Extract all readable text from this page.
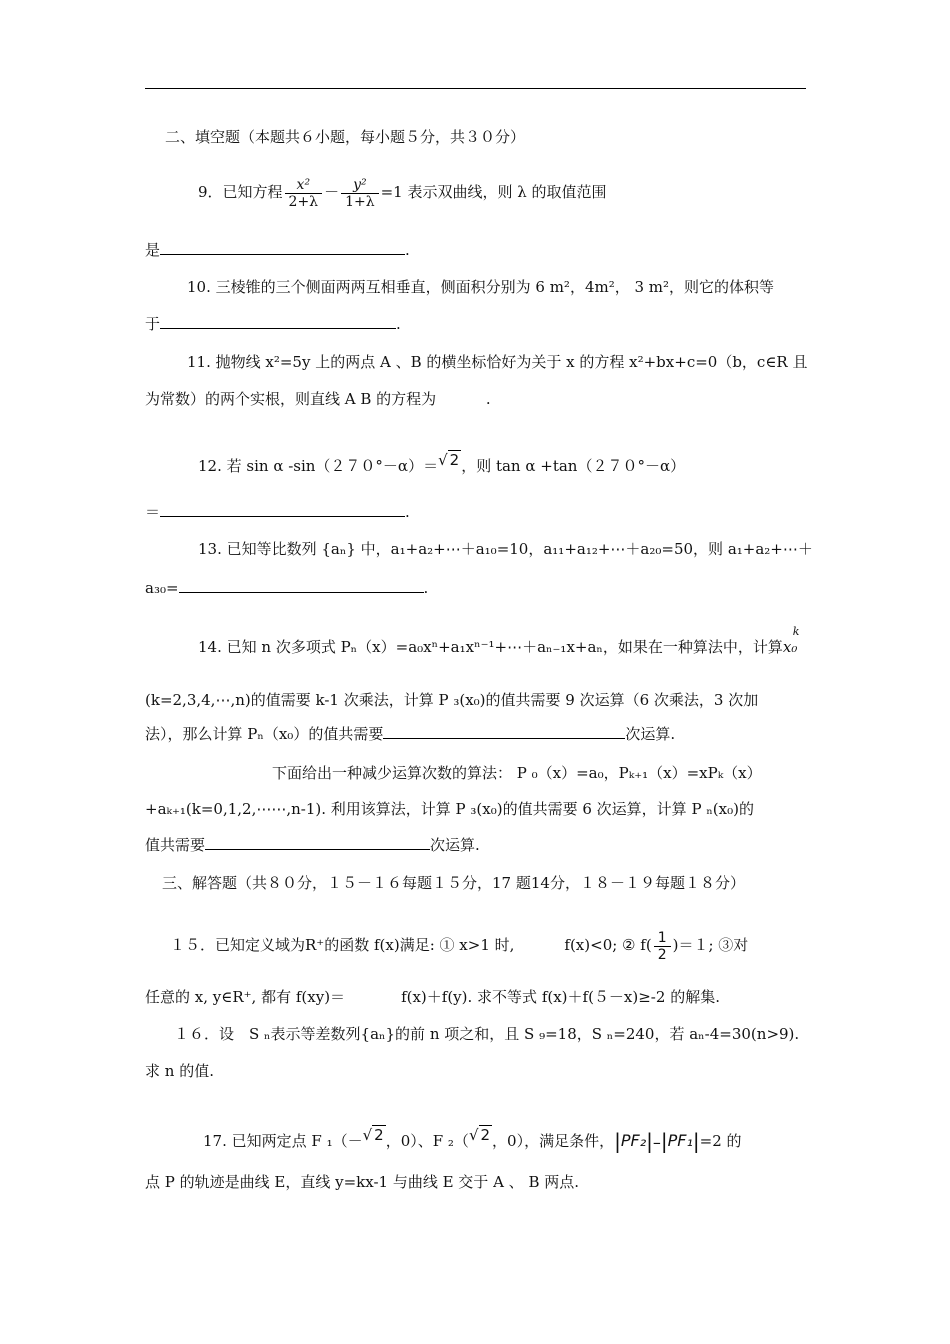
二、填空题（本题共６小题，每小题５分，共３０分）
9．已知方程 $\frac{\text{x²}}{2+\lambda} - \frac{\text{y²}}{1+\lambda} =1$ 表示双曲线，则 λ 的取值范围
是	.
10. 三棱锥的三个侧面两两互相垂直，侧面积分别为 6 m²，4m²， 3 m²，则它的体积等
于	.
11. 抛物线 x²=5y 上的两点 A 、B 的横坐标恰好为关于 x 的方程 x²+bx+c=0（b，c∈R 且
为常数）的两个实根，则直线 A B 的方程为　　　 .
12. 若 sin α -sin（２７０°－α）＝√ 2 ，则 tan α +tan（２７０°－α）
＝	.
13. 已知等比数列 {aₙ} 中，a₁+a₂+⋯＋a₁₀=10，a₁₁+a₁₂+⋯＋a₂₀=50，则 a₁+a₂+⋯＋
a₃₀=	.
14. 已知 n 次多项式 Pₙ（x）=a₀xⁿ+a₁xⁿ⁻¹+⋯＋aₙ₋₁x+aₙ，如果在一种算法中，计算x₀
k
(k=2,3,4,⋯,n)的值需要 k-1 次乘法，计算 P ₃(x₀)的值共需要 9 次运算（6 次乘法，3 次加
法），那么计算 Pₙ（x₀）的值共需要	次运算.
下面给出一种减少运算次数的算法： P ₀（x）=a₀，Pₖ₊₁（x）=xPₖ（x）
+aₖ₊₁(k=0,1,2,⋯⋯,n-1). 利用该算法，计算 P ₃(x₀)的值共需要 6 次运算，计算 P ₙ(x₀)的
值共需要	次运算.
三、解答题（共８０分，１５－１６每题１５分，17 题14分，１８－１９每题１８分）
１５．已知定义域为R⁺的函数 f(x)满足: ① x>1 时,	f(x)<0; ② $f( \frac{1}{2} )=1$; ③对
任意的 x, y∈R⁺, 都有 f(xy)＝	f(x)＋f(y). 求不等式 f(x)＋f(５－x)≥-2 的解集.
１６．设　S ₙ表示等差数列{aₙ}的前 n 项之和，且 S ₉=18，S ₙ=240，若 aₙ-4=30(n>9).
求 n 的值.
17. 已知两定点 F ₁（－√ 2 ，0）、F ₂（√ 2 ，0），满足条件，|PF₂|–|PF₁|=2 的
点 P 的轨迹是曲线 E，直线 y=kx-1 与曲线 E 交于 A 、 B 两点.
